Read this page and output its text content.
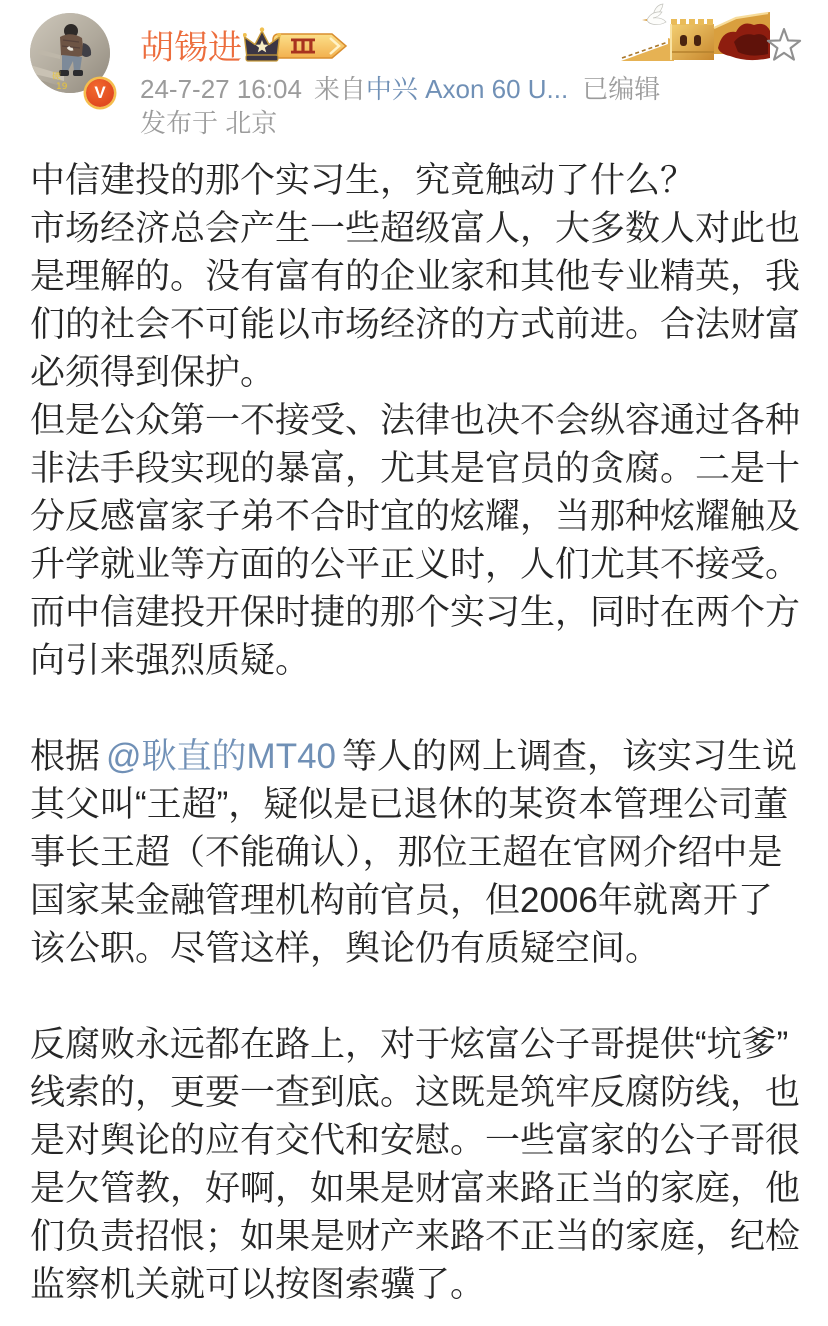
硬
19	V
胡锡进
24-7-27 16:04 来自中兴 Axon 60 U... 已编辑
发布于 北京
中信建投的那个实习生，究竟触动了什么？
市场经济总会产生一些超级富人，大多数人对此也
是理解的。没有富有的企业家和其他专业精英，我
们的社会不可能以市场经济的方式前进。合法财富
必须得到保护。
但是公众第一不接受、法律也决不会纵容通过各种
非法手段实现的暴富，尤其是官员的贪腐。二是十
分反感富家子弟不合时宜的炫耀，当那种炫耀触及
升学就业等方面的公平正义时，人们尤其不接受。
而中信建投开保时捷的那个实习生，同时在两个方
向引来强烈质疑。
根据 @耿直的MT40 等人的网上调查，该实习生说
其父叫“王超”，疑似是已退休的某资本管理公司董
事长王超（不能确认），那位王超在官网介绍中是
国家某金融管理机构前官员，但2006年就离开了
该公职。尽管这样，舆论仍有质疑空间。
反腐败永远都在路上，对于炫富公子哥提供“坑爹”
线索的，更要一查到底。这既是筑牢反腐防线，也
是对舆论的应有交代和安慰。一些富家的公子哥很
是欠管教，好啊，如果是财富来路正当的家庭，他
们负责招恨；如果是财产来路不正当的家庭，纪检
监察机关就可以按图索骥了。
